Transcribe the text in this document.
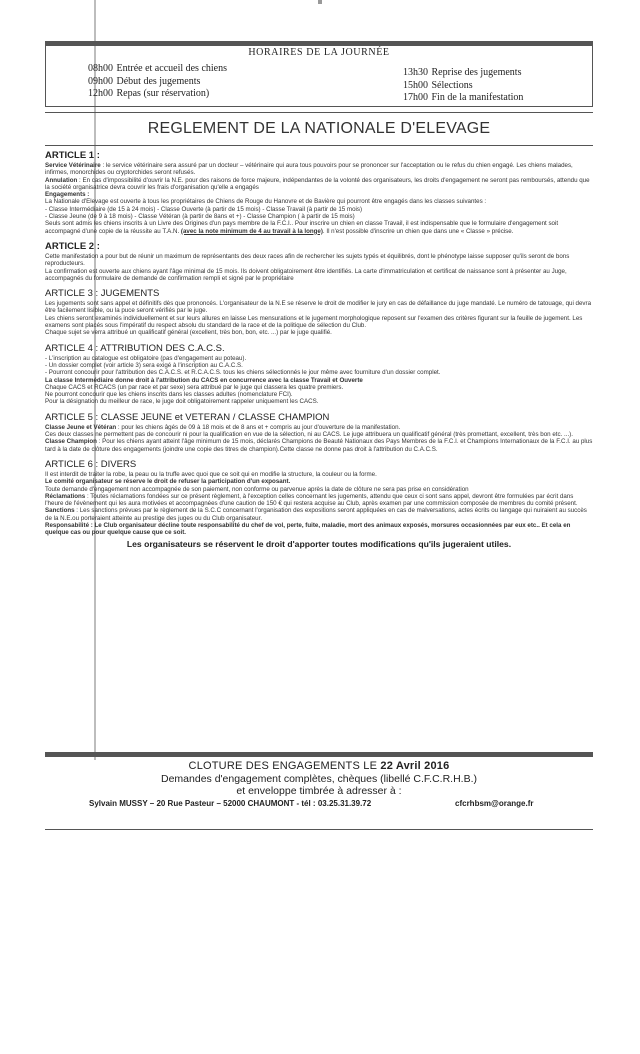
HORAIRES DE LA JOURNÉE
08h00 Entrée et accueil des chiens
09h00 Début des jugements
12h00 Repas (sur réservation)
13h30 Reprise des jugements
15h00 Sélections
17h00 Fin de la manifestation
REGLEMENT DE LA NATIONALE D'ELEVAGE

ARTICLE 1 :

Service Vétérinaire : le service vétérinaire sera assuré par un docteur – vétérinaire qui aura tous pouvoirs pour se prononcer sur l'acceptation ou le refus du chien engagé. Les chiens malades, infirmes, monorchides ou cryptorchides seront refusés.

Annulation : En cas d'impossibilité d'ouvrir la N.E. pour des raisons de force majeure, indépendantes de la volonté des organisateurs, les droits d'engagement ne seront pas remboursés, attendu que la société organisatrice devra couvrir les frais d'organisation qu'elle a engagés

Engagements :

La Nationale d'Elevage est ouverte à tous les propriétaires de Chiens de Rouge du Hanovre et de Bavière qui pourront être engagés dans les classes suivantes :

- Classe Intermédiaire (de 15 à 24 mois) - Classe Ouverte (à partir de 15 mois) - Classe Travail (à partir de 15 mois)

- Classe Jeune (de 9 à 18 mois) - Classe Vétéran (à partir de 8ans et +) - Classe Champion ( à partir de 15 mois)

Seuls sont admis les chiens inscrits à un Livre des Origines d'un pays membre de la F.C.I.. Pour inscrire un chien en classe Travail, il est indispensable que le formulaire d'engagement soit accompagné d'une copie de la réussite au T.A.N. (avec la note minimum de 4 au travail à la longe). Il n'est possible d'inscrire un chien que dans une « Classe » précise.

ARTICLE 2 :

Cette manifestation a pour but de réunir un maximum de représentants des deux races afin de rechercher les sujets typés et équilibrés, dont le phénotype laisse supposer qu'ils seront de bons reproducteurs.

La confirmation est ouverte aux chiens ayant l'âge minimal de 15 mois. Ils doivent obligatoirement être identifiés. La carte d'immatriculation et certificat de naissance sont à présenter au Juge, accompagnés du formulaire de demande de confirmation rempli et signé par le propriétaire

ARTICLE 3 : JUGEMENTS

Les jugements sont sans appel et définitifs dès que prononcés. L'organisateur de la N.E se réserve le droit de modifier le jury en cas de défaillance du juge mandaté. Le numéro de tatouage, qui devra être facilement lisible, ou la puce seront vérifiés par le juge.

Les chiens seront examinés individuellement et sur leurs allures en laisse Les mensurations et le jugement morphologique reposent sur l'examen des critères figurant sur la feuille de jugement. Les examens sont placés sous l'impératif du respect absolu du standard de la race et de la politique de sélection du Club.

Chaque sujet se verra attribué un qualificatif général (excellent, très bon, bon, etc. ...) par le juge qualifié.

ARTICLE 4 : ATTRIBUTION DES C.A.C.S.

- L'inscription au catalogue est obligatoire (pas d'engagement au poteau).

- Un dossier complet (voir article 3) sera exigé à l'inscription au C.A.C.S.

- Pourront concourir pour l'attribution des C.A.C.S. et R.C.A.C.S. tous les chiens sélectionnés le jour même avec fourniture d'un dossier complet.

La classe Intermédiaire donne droit à l'attribution du CACS en concurrence avec la classe Travail et Ouverte

Chaque CACS et RCACS (un par race et par sexe) sera attribué par le juge qui classera les quatre premiers.

Ne pourront concourir que les chiens inscrits dans les classes adultes (nomenclature FCI).

Pour la désignation du meilleur de race, le juge doit obligatoirement rappeler uniquement les CACS.

ARTICLE 5 : CLASSE JEUNE et VETERAN / CLASSE CHAMPION

Classe Jeune et Vétéran : pour les chiens âgés de 09 à 18 mois et de 8 ans et + compris au jour d'ouverture de la manifestation.

Ces deux classes ne permettent pas de concourir ni pour la qualification en vue de la sélection, ni au CACS. Le juge attribuera un qualificatif général (très promettant, excellent, très bon etc. ...).

Classe Champion : Pour les chiens ayant atteint l'âge minimum de 15 mois, déclarés Champions de Beauté Nationaux des Pays Membres de la F.C.I. et Champions Internationaux de la F.C.I. au plus tard à la date de clôture des engagements (joindre une copie des titres de champion).Cette classe ne donne pas droit à l'attribution du C.A.C.S.

ARTICLE 6 : DIVERS

Il est interdit de traiter la robe, la peau ou la truffe avec quoi que ce soit qui en modifie la structure, la couleur ou la forme.

Le comité organisateur se réserve le droit de refuser la participation d'un exposant.

Toute demande d'engagement non accompagnée de son paiement, non conforme ou parvenue après la date de clôture ne sera pas prise en considération

Réclamations : Toutes réclamations fondées sur ce présent règlement, à l'exception celles concernant les jugements, attendu que ceux ci sont sans appel, devront être formulées par écrit dans l'heure de l'évènement qui les aura motivées et accompagnées d'une caution de 150 € qui restera acquise au Club, après examen par une commission composée de membres du comité présent.

Sanctions : Les sanctions prévues par le règlement de la S.C.C concernant l'organisation des expositions seront appliquées en cas de malversations, actes écrits ou langage qui nuiraient au succès de la N.E.ou porteraient atteinte au prestige des juges ou du Club organisateur.

Responsabilité : Le Club organisateur décline toute responsabilité du chef de vol, perte, fuite, maladie, mort des animaux exposés, morsures occasionnées par eux etc.. Et cela en quelque cas ou pour quelque cause que ce soit.

Les organisateurs se réservent le droit d'apporter toutes modifications qu'ils jugeraient utiles.
CLOTURE DES ENGAGEMENTS LE 22 Avril 2016
Demandes d'engagement complètes, chèques (libellé C.F.C.R.H.B.)
et enveloppe timbrée à adresser à :
Sylvain MUSSY – 20 Rue Pasteur – 52000 CHAUMONT - tél : 03.25.31.39.72	cfcrhbsm@orange.fr
